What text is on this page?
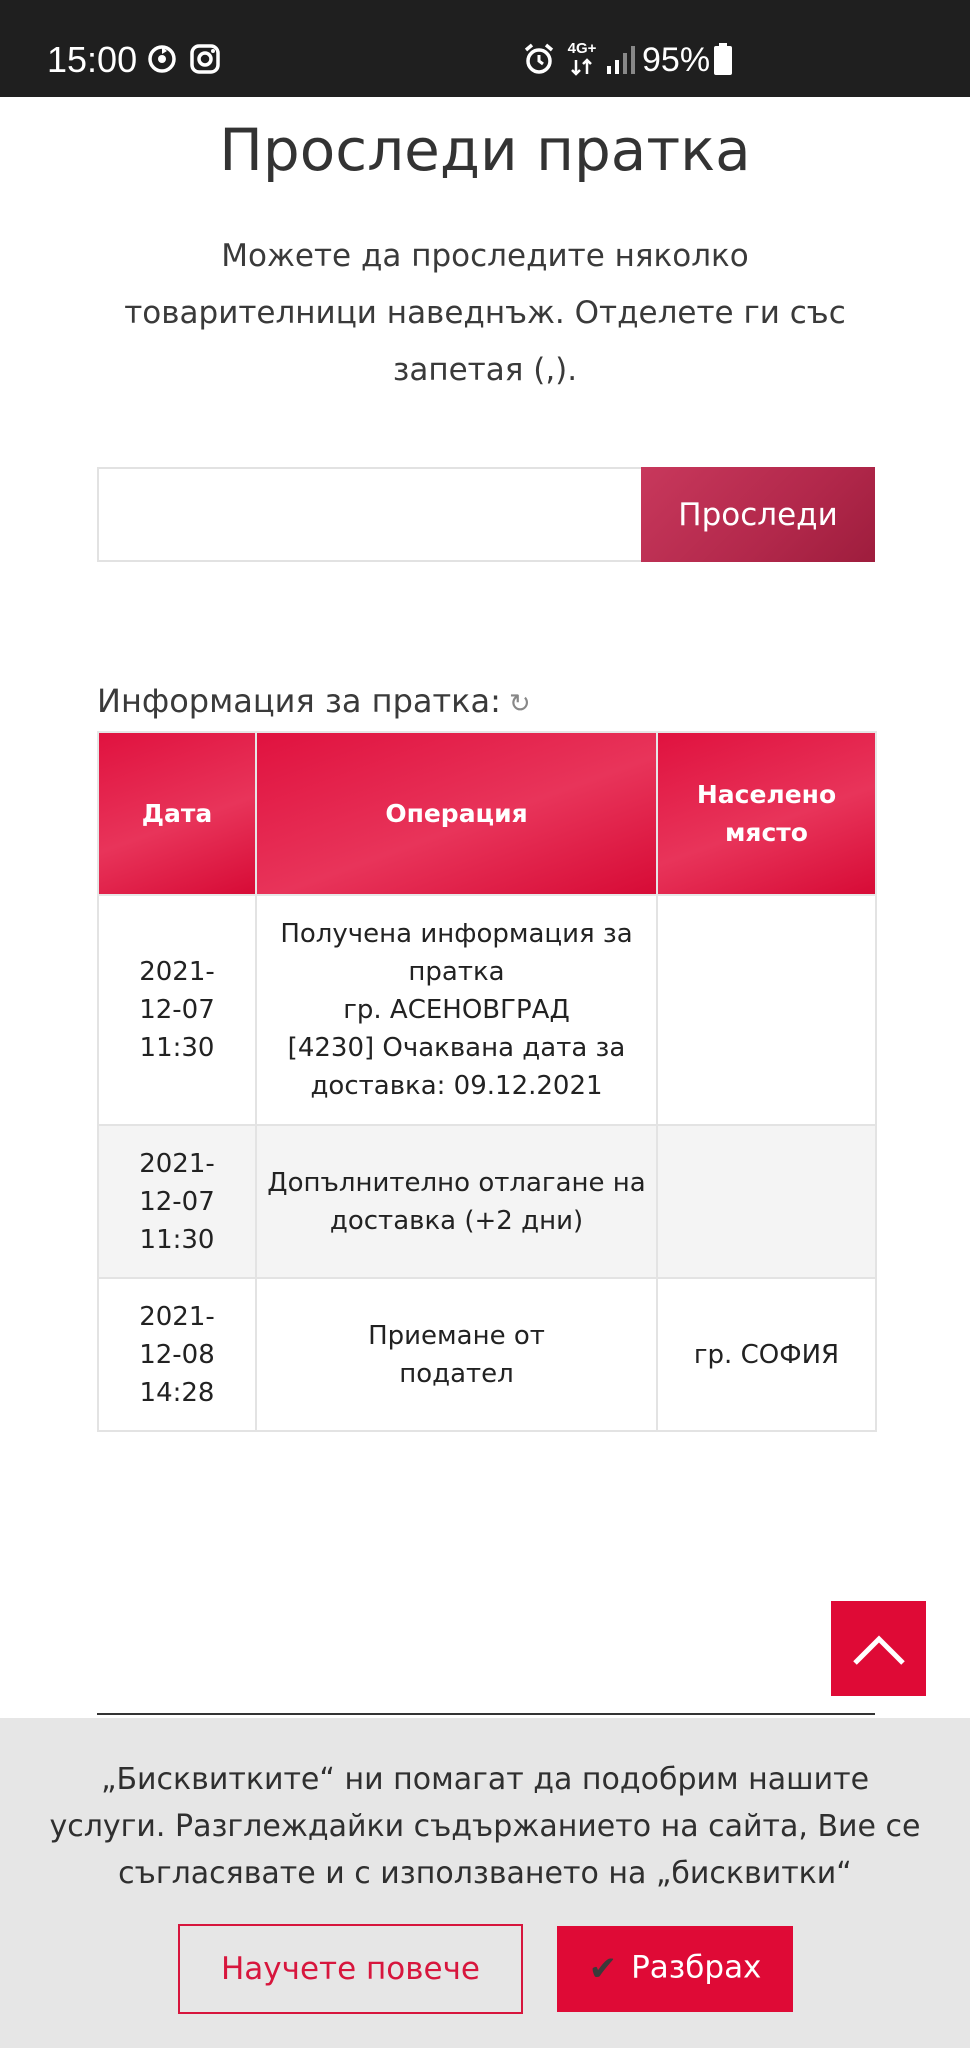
15:00	4G+ 95%
Проследи пратка

Можете да проследите няколко товарителници наведнъж. Отделете ги със запетая (,).

Проследи
Информация за пратка: ↻
Дата	Операция	Населено място
2021-
12-07
11:30	Получена информация за пратка
гр. АСЕНОВГРАД
[4230] Очаквана дата за доставка: 09.12.2021	
2021-
12-07
11:30	Допълнително отлагане на доставка (+2 дни)	
2021-
12-08
14:28	Приемане от подател	гр. СОФИЯ

„Бисквитките“ ни помагат да подобрим нашите услуги. Разглеждайки съдържанието на сайта, Вие се съгласявате и с използването на „бисквитки“

Научете повече	✔ Разбрах
